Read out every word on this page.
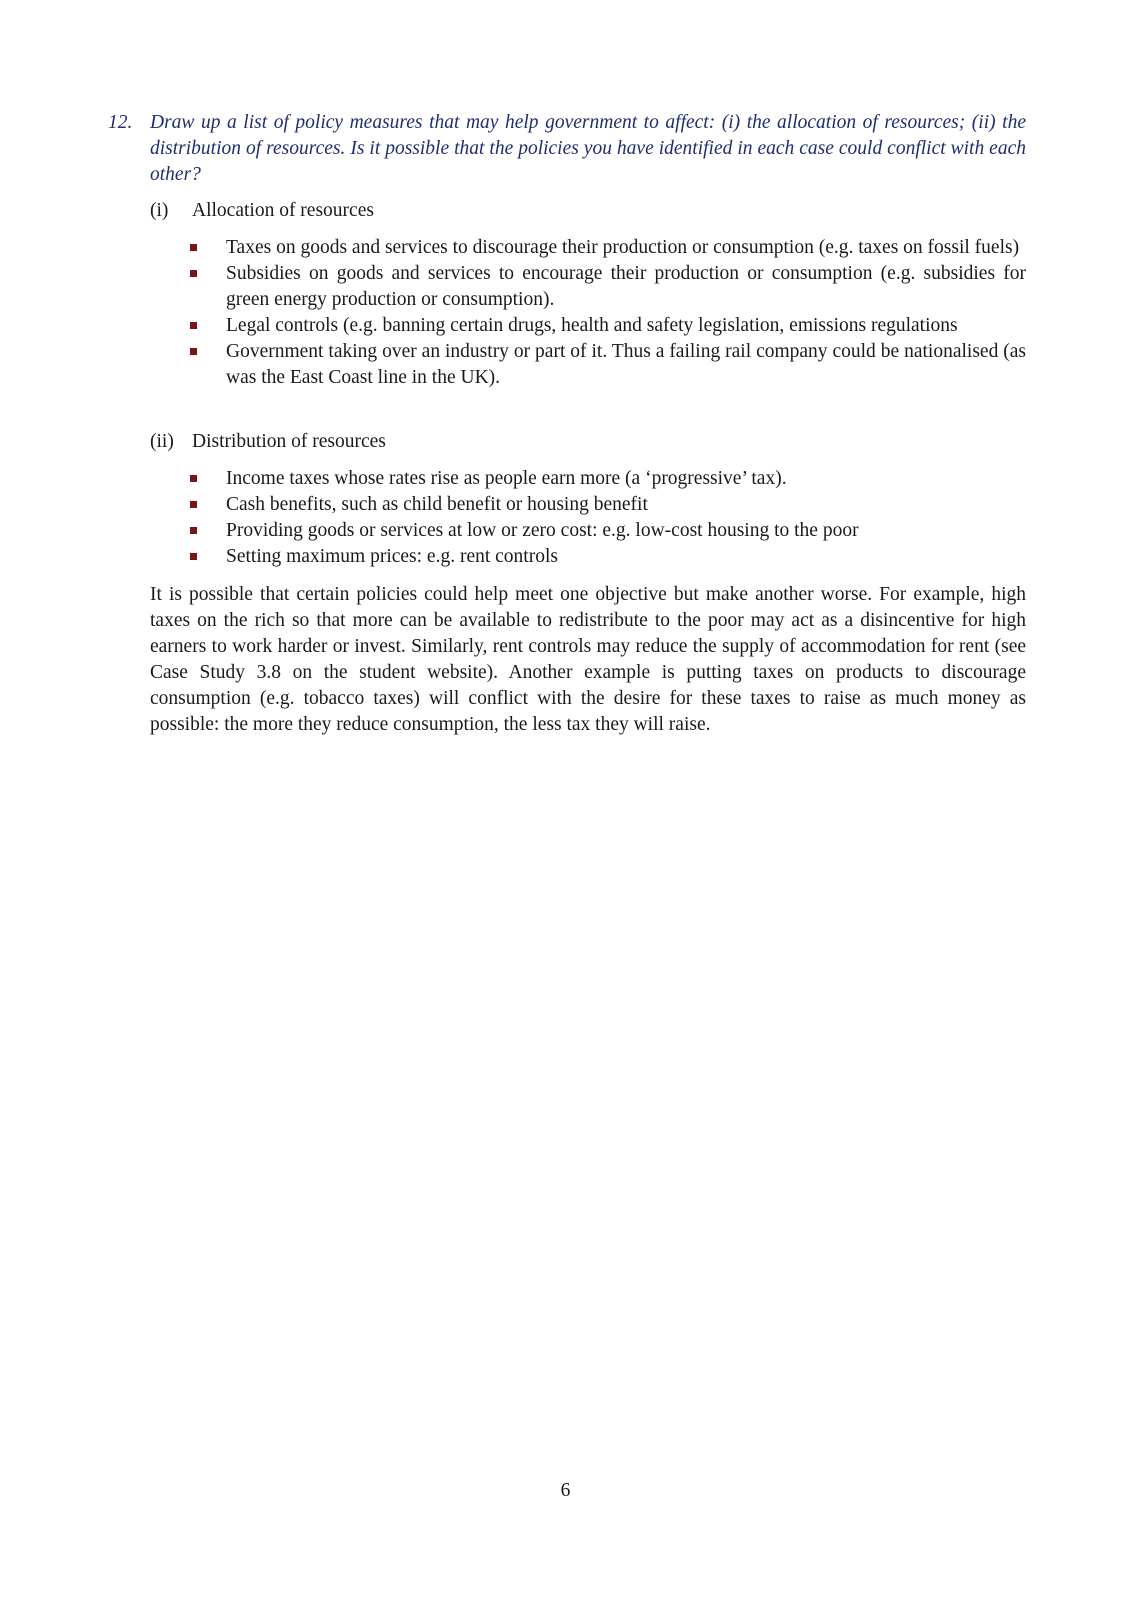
12. Draw up a list of policy measures that may help government to affect: (i) the allocation of resources; (ii) the distribution of resources. Is it possible that the policies you have identified in each case could conflict with each other?
(i) Allocation of resources
Taxes on goods and services to discourage their production or consumption (e.g. taxes on fossil fuels)
Subsidies on goods and services to encourage their production or consumption (e.g. subsidies for green energy production or consumption).
Legal controls (e.g. banning certain drugs, health and safety legislation, emissions regulations
Government taking over an industry or part of it. Thus a failing rail company could be nationalised (as was the East Coast line in the UK).
(ii) Distribution of resources
Income taxes whose rates rise as people earn more (a ‘progressive’ tax).
Cash benefits, such as child benefit or housing benefit
Providing goods or services at low or zero cost: e.g. low-cost housing to the poor
Setting maximum prices: e.g. rent controls

It is possible that certain policies could help meet one objective but make another worse. For example, high taxes on the rich so that more can be available to redistribute to the poor may act as a disincentive for high earners to work harder or invest. Similarly, rent controls may reduce the supply of accommodation for rent (see Case Study 3.8 on the student website). Another example is putting taxes on products to discourage consumption (e.g. tobacco taxes) will conflict with the desire for these taxes to raise as much money as possible: the more they reduce consumption, the less tax they will raise.

6
